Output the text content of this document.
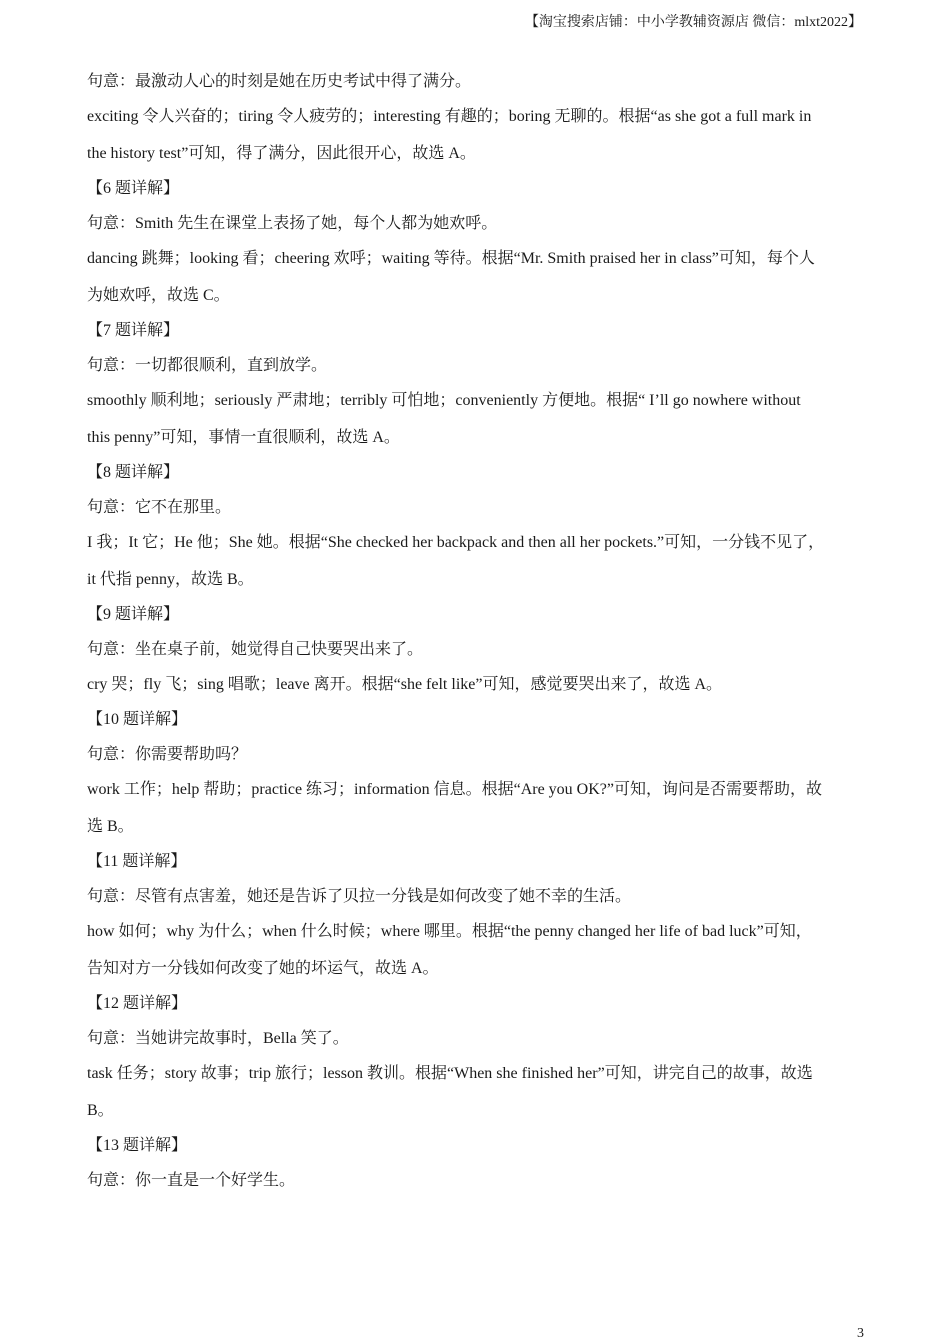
【淘宝搜索店铺：中小学教辅资源店 微信：mlxt2022】
句意：最激动人心的时刻是她在历史考试中得了满分。
exciting 令人兴奋的；tiring 令人疲劳的；interesting 有趣的；boring 无聊的。根据“as she got a full mark in
the history test”可知，得了满分，因此很开心，故选 A。
【6 题详解】
句意：Smith 先生在课堂上表扬了她，每个人都为她欢呼。
dancing 跳舞；looking 看；cheering 欢呼；waiting 等待。根据“Mr. Smith praised her in class”可知，每个人
为她欢呼，故选 C。
【7 题详解】
句意：一切都很顺利，直到放学。
smoothly 顺利地；seriously 严肃地；terribly 可怕地；conveniently 方便地。根据“ I’ll go nowhere without
this penny”可知，事情一直很顺利，故选 A。
【8 题详解】
句意：它不在那里。
I 我；It 它；He 他；She 她。根据“She checked her backpack and then all her pockets.”可知，一分钱不见了，
it 代指 penny，故选 B。
【9 题详解】
句意：坐在桌子前，她觉得自己快要哭出来了。
cry 哭；fly 飞；sing 唱歌；leave 离开。根据“she felt like”可知，感觉要哭出来了，故选 A。
【10 题详解】
句意：你需要帮助吗？
work 工作；help 帮助；practice 练习；information 信息。根据“Are you OK?”可知，询问是否需要帮助，故
选 B。
【11 题详解】
句意：尽管有点害羞，她还是告诉了贝拉一分钱是如何改变了她不幸的生活。
how 如何；why 为什么；when 什么时候；where 哪里。根据“the penny changed her life of bad luck”可知，
告知对方一分钱如何改变了她的坏运气，故选 A。
【12 题详解】
句意：当她讲完故事时，Bella 笑了。
task 任务；story 故事；trip 旅行；lesson 教训。根据“When she finished her”可知，讲完自己的故事，故选
B。
【13 题详解】
句意：你一直是一个好学生。
3
